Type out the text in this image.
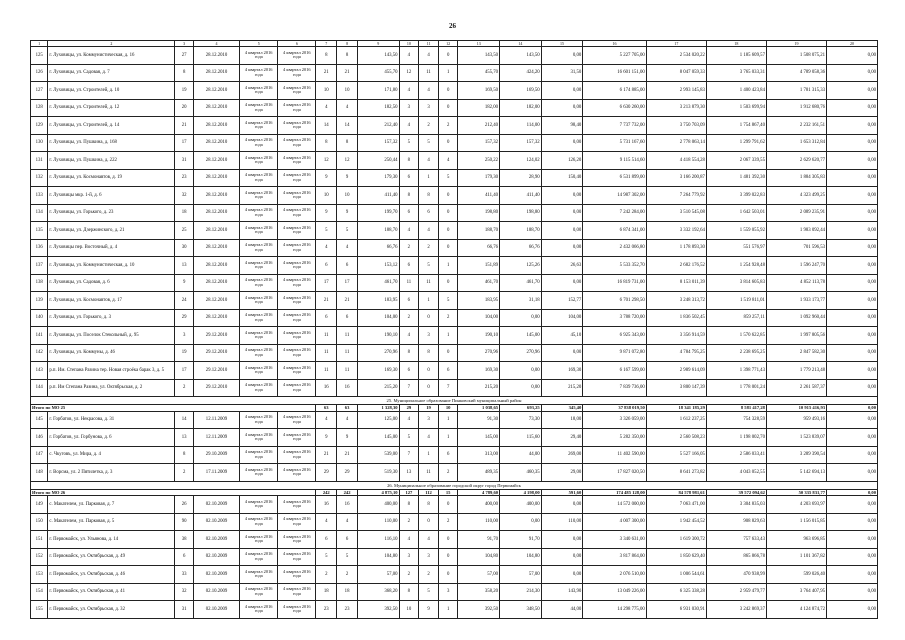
26
1	2	3	4	5	6	7	8	9	10	11	12	13	14	15	16	17	18	19	20
125	г. Луховицы, ул. Коммунистическая, д. 16	27	28.12.2010	4 квартал 2016 года	4 квартал 2016 года	8	8	143,50	4	4	0	143,50	143,50	0,00	5 227 705,00	2 534 020,22	1 185 609,57	1 508 075,21	0,00
126	г. Луховицы, ул. Садовая, д. 7	8	28.12.2010	4 квартал 2016 года	4 квартал 2016 года	21	21	455,70	12	11	1	455,70	424,20	31,50	16 601 151,00	8 047 059,33	3 765 033,31	4 789 058,36	0,00
127	г. Луховицы, ул. Строителей, д. 10	19	28.12.2010	4 квартал 2016 года	4 квартал 2016 года	10	10	171,80	4	4	0	169,50	169,50	0,00	6 174 885,00	2 993 145,83	1 400 423,84	1 781 315,33	0,00
128	г. Луховицы, ул. Строителей, д. 12	20	28.12.2010	4 квартал 2016 года	4 квартал 2016 года	4	4	182,50	3	3	0	182,00	182,00	0,00	6 630 260,00	3 213 879,30	1 503 699,94	1 912 680,76	0,00
129	г. Луховицы, ул. Строителей, д. 14	21	28.12.2010	4 квартал 2016 года	4 квартал 2016 года	14	14	212,40	4	2	2	212,40	114,00	98,40	7 737 732,00	3 750 703,09	1 754 867,40	2 232 161,51	0,00
130	г. Луховицы, ул. Пушкина, д. 168	17	28.12.2010	4 квартал 2016 года	4 квартал 2016 года	8	8	157,32	5	5	0	157,32	157,32	0,00	5 731 167,60	2 778 063,14	1 299 791,62	1 653 312,84	0,00
131	г. Луховицы, ул. Пушкина, д. 222	31	28.12.2010	4 квартал 2016 года	4 квартал 2016 года	12	12	250,44	8	4	4	250,22	124,02	126,20	9 115 514,60	4 418 554,28	2 067 339,55	2 629 620,77	0,00
132	г. Луховицы, ул. Космонавтов, д. 19	23	28.12.2010	4 квартал 2016 года	4 квартал 2016 года	9	9	179,30	6	1	5	179,30	28,90	150,40	6 531 899,00	3 166 200,87	1 481 392,30	1 884 305,83	0,00
133	г. Луховицы мкр. 1-й, д. 6	32	28.12.2010	4 квартал 2016 года	4 квартал 2016 года	10	10	411,40	8	8	0	411,40	411,40	0,00	14 987 302,00	7 264 779,92	3 399 022,83	4 323 499,25	0,00
134	г. Луховицы, ул. Горького, д. 23	18	28.12.2010	4 квартал 2016 года	4 квартал 2016 года	9	9	199,70	6	6	0	198,80	198,80	0,00	7 242 284,00	3 510 545,08	1 642 503,01	2 089 235,91	0,00
135	г. Луховицы, ул. Дзержинского, д. 21	25	28.12.2010	4 квартал 2016 года	4 квартал 2016 года	5	5	188,70	4	4	0	188,70	188,70	0,00	6 874 341,00	3 332 192,64	1 559 055,92	1 983 092,44	0,00
136	г. Луховицы пер. Восточный, д. 4	30	28.12.2010	4 квартал 2016 года	4 квартал 2016 года	4	4	66,76	2	2	0	66,76	66,76	0,00	2 432 066,80	1 178 893,30	551 576,97	701 596,53	0,00
137	г. Луховицы, ул. Коммунистическая, д. 10	13	28.12.2010	4 квартал 2016 года	4 квартал 2016 года	6	6	153,12	6	5	1	151,89	125,26	26,63	5 533 352,70	2 682 176,52	1 254 928,48	1 596 247,70	0,00
138	г. Луховицы, ул. Садовая, д. 6	9	28.12.2010	4 квартал 2016 года	4 квартал 2016 года	17	17	461,70	11	11	0	461,70	461,70	0,00	16 819 731,00	8 153 011,39	3 814 605,83	4 852 113,78	0,00
139	г. Луховицы, ул. Космонавтов, д. 17	24	28.12.2010	4 квартал 2016 года	4 квартал 2016 года	21	21	183,95	6	1	5	183,95	31,18	152,77	6 701 298,50	3 248 313,72	1 519 811,01	1 933 173,77	0,00
140	г. Луховицы, ул. Горького, д. 3	29	28.12.2010	4 квартал 2016 года	4 квартал 2016 года	6	6	104,00	2	0	2	104,00	0,00	104,00	3 788 720,00	1 836 502,45	859 257,11	1 092 960,44	0,00
141	г. Луховицы, ул. Поселок Стекольный, д. 95	3	29.12.2010	4 квартал 2016 года	4 квартал 2016 года	11	11	190,10	4	3	1	190,10	145,00	45,10	6 925 343,00	3 356 914,59	1 570 622,85	1 997 805,56	0,00
142	г. Луховицы, ул. Коммуны, д. 46	19	29.12.2010	4 квартал 2016 года	4 квартал 2016 года	11	11	270,96	8	8	0	270,96	270,96	0,00	9 871 072,80	4 784 795,25	2 238 695,25	2 847 582,30	0,00
143	р.п. Им. Степана Разина тер. Новая строёка барак 3, д. 5	17	29.12.2010	4 квартал 2016 года	4 квартал 2016 года	11	11	169,30	6	0	6	169,30	0,00	169,30	6 167 599,00	2 989 614,09	1 398 771,43	1 779 213,48	0,00
144	р.п. Им Степана Разина, ул. Октябрьская, д. 2	2	29.12.2010	4 квартал 2016 года	4 квартал 2016 года	16	16	215,20	7	0	7	215,20	0,00	215,20	7 839 736,00	3 800 147,39	1 778 001,24	2 261 587,37	0,00
25. Муниципальное образование Пинковский муниципальный район																			
Итого по МО 25						63	63	1 328,30	29	19	10	1 038,65	693,25	345,40	37 838 019,50	18 341 185,29	8 581 417,28	10 915 416,93	0,00
145	г. Горбатов, ул. Некрасова, д. 31	14	12.11.2009	4 квартал 2016 года	4 квартал 2016 года	4	4	125,00	4	3	1	91,30	73,30	18,00	3 326 059,00	1 612 237,25	754 328,59	959 493,16	0,00
146	г. Горбатов, ул. Горбунова, д. 6	13	12.11.2009	4 квартал 2016 года	4 квартал 2016 года	9	9	145,00	5	4	1	145,00	115,60	29,40	5 282 350,00	2 560 508,23	1 198 002,70	1 523 839,07	0,00
147	с. Чкуговъ, ул. Мира, д. 4	8	29.10.2009	4 квартал 2016 года	4 квартал 2016 года	21	21	539,00	7	1	6	313,00	44,00	269,00	11 402 590,00	5 527 166,05	2 586 033,41	3 289 390,54	0,00
148	г. Ворсма, ул. 2 Пятилетка, д. 3	2	17.11.2009	4 квартал 2016 года	4 квартал 2016 года	29	29	519,30	13	11	2	489,35	460,35	29,00	17 827 020,50	8 641 273,82	4 043 052,55	5 142 694,13	0,00
26. Муниципальное образование городской округ город Первомайск																			
Итого по МО 26						242	242	4 875,10	127	112	15	4 789,60	4 198,00	591,60	174 485 128,00	84 578 981,61	39 572 094,62	50 335 831,77	0,00
149	с. Макателем, ул. Парковая, д. 7	26	02.10.2009	4 квартал 2016 года	4 квартал 2016 года	16	16	400,00	8	8	0	400,00	400,00	0,00	14 572 000,00	7 063 471,00	3 304 835,03	4 203 693,97	0,00
150	с. Макателем, ул. Парковая, д. 5	90	02.10.2009	4 квартал 2016 года	4 квартал 2016 года	4	4	110,00	2	0	2	110,00	0,00	110,00	4 007 300,00	1 942 454,52	908 829,63	1 156 015,85	0,00
151	г. Первомайск, ул. Ульянова, д. 14	38	02.10.2009	4 квартал 2016 года	4 квартал 2016 года	6	6	116,10	4	4	0	91,70	91,70	0,00	3 340 631,00	1 619 300,72	757 633,43	963 696,85	0,00
152	г. Первомайск, ул. Октябрьская, д. 49	6	02.10.2009	4 квартал 2016 года	4 квартал 2016 года	5	5	104,80	3	3	0	104,80	104,80	0,00	3 817 864,00	1 850 629,40	865 866,78	1 101 367,82	0,00
153	г. Первомайск, ул. Октябрьская, д. 46	33	02.10.2009	4 квартал 2016 года	4 квартал 2016 года	2	2	57,00	2	2	0	57,00	57,00	0,00	2 076 510,00	1 006 544,61	470 938,99	599 026,40	0,00
154	г. Первомайск, ул. Октябрьская, д. 41	32	02.10.2009	4 квартал 2016 года	4 квартал 2016 года	18	18	368,20	8	5	3	358,20	214,30	143,90	13 049 226,00	6 325 338,28	2 959 479,77	3 764 407,95	0,00
155	г. Первомайск, ул. Октябрьская, д. 32	31	02.10.2009	4 квартал 2016 года	4 квартал 2016 года	23	23	392,50	10	9	1	392,50	348,50	44,00	14 298 775,00	6 931 030,91	3 242 869,37	4 124 874,72	0,00
